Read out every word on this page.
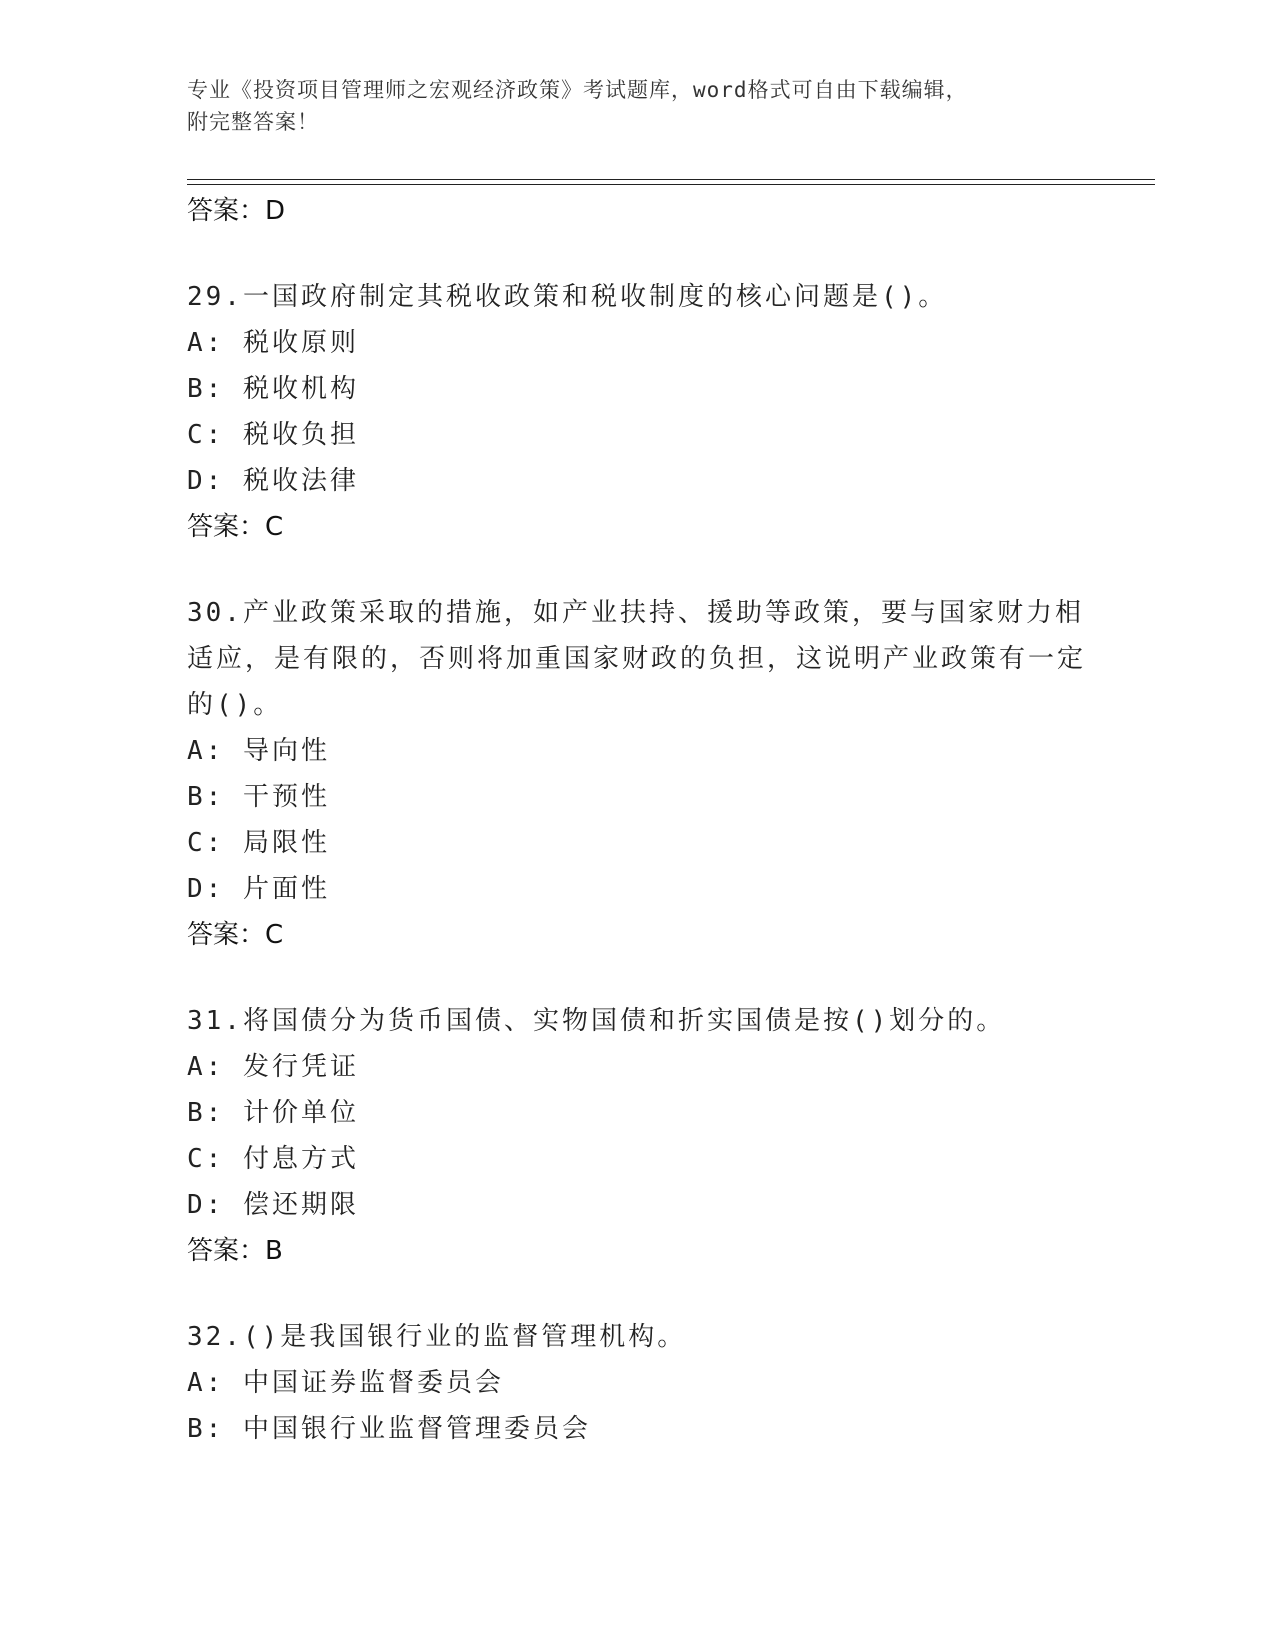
专业《投资项目管理师之宏观经济政策》考试题库，word格式可自由下载编辑，

附完整答案！

答案：D

29.一国政府制定其税收政策和税收制度的核心问题是()。

A: 税收原则

B: 税收机构

C: 税收负担

D: 税收法律

答案：C

30.产业政策采取的措施，如产业扶持、援助等政策，要与国家财力相适应，是有限的，否则将加重国家财政的负担，这说明产业政策有一定的()。

A: 导向性

B: 干预性

C: 局限性

D: 片面性

答案：C

31.将国债分为货币国债、实物国债和折实国债是按()划分的。

A: 发行凭证

B: 计价单位

C: 付息方式

D: 偿还期限

答案：B

32.()是我国银行业的监督管理机构。

A: 中国证券监督委员会

B: 中国银行业监督管理委员会
